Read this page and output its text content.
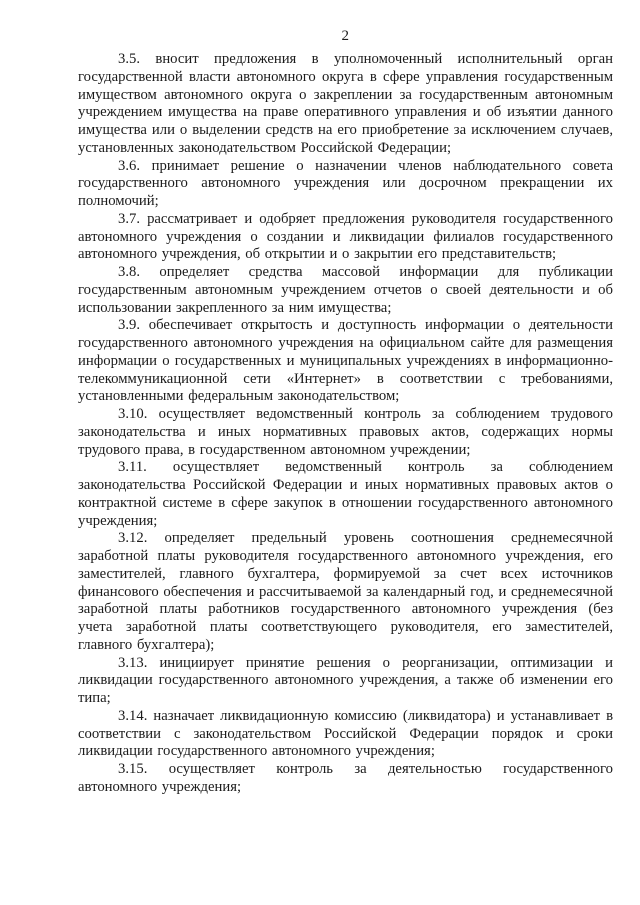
2

3.5. вносит предложения в уполномоченный исполнительный орган государственной власти автономного округа в сфере управления государственным имуществом автономного округа о закреплении за государственным автономным учреждением имущества на праве оперативного управления и об изъятии данного имущества или о выделении средств на его приобретение за исключением случаев, установленных законодательством Российской Федерации;

3.6. принимает решение о назначении членов наблюдательного совета государственного автономного учреждения или досрочном прекращении их полномочий;

3.7. рассматривает и одобряет предложения руководителя государственного автономного учреждения о создании и ликвидации филиалов государственного автономного учреждения, об открытии и о закрытии его представительств;

3.8. определяет средства массовой информации для публикации государственным автономным учреждением отчетов о своей деятельности и об использовании закрепленного за ним имущества;

3.9. обеспечивает открытость и доступность информации о деятельности государственного автономного учреждения на официальном сайте для размещения информации о государственных и муниципальных учреждениях в информационно-телекоммуникационной сети «Интернет» в соответствии с требованиями, установленными федеральным законодательством;

3.10. осуществляет ведомственный контроль за соблюдением трудового законодательства и иных нормативных правовых актов, содержащих нормы трудового права, в государственном автономном учреждении;

3.11. осуществляет ведомственный контроль за соблюдением законодательства Российской Федерации и иных нормативных правовых актов о контрактной системе в сфере закупок в отношении государственного автономного учреждения;

3.12. определяет предельный уровень соотношения среднемесячной заработной платы руководителя государственного автономного учреждения, его заместителей, главного бухгалтера, формируемой за счет всех источников финансового обеспечения и рассчитываемой за календарный год, и среднемесячной заработной платы работников государственного автономного учреждения (без учета заработной платы соответствующего руководителя, его заместителей, главного бухгалтера);

3.13. инициирует принятие решения о реорганизации, оптимизации и ликвидации государственного автономного учреждения, а также об изменении его типа;

3.14. назначает ликвидационную комиссию (ликвидатора) и устанавливает в соответствии с законодательством Российской Федерации порядок и сроки ликвидации государственного автономного учреждения;

3.15. осуществляет контроль за деятельностью государственного автономного учреждения;
